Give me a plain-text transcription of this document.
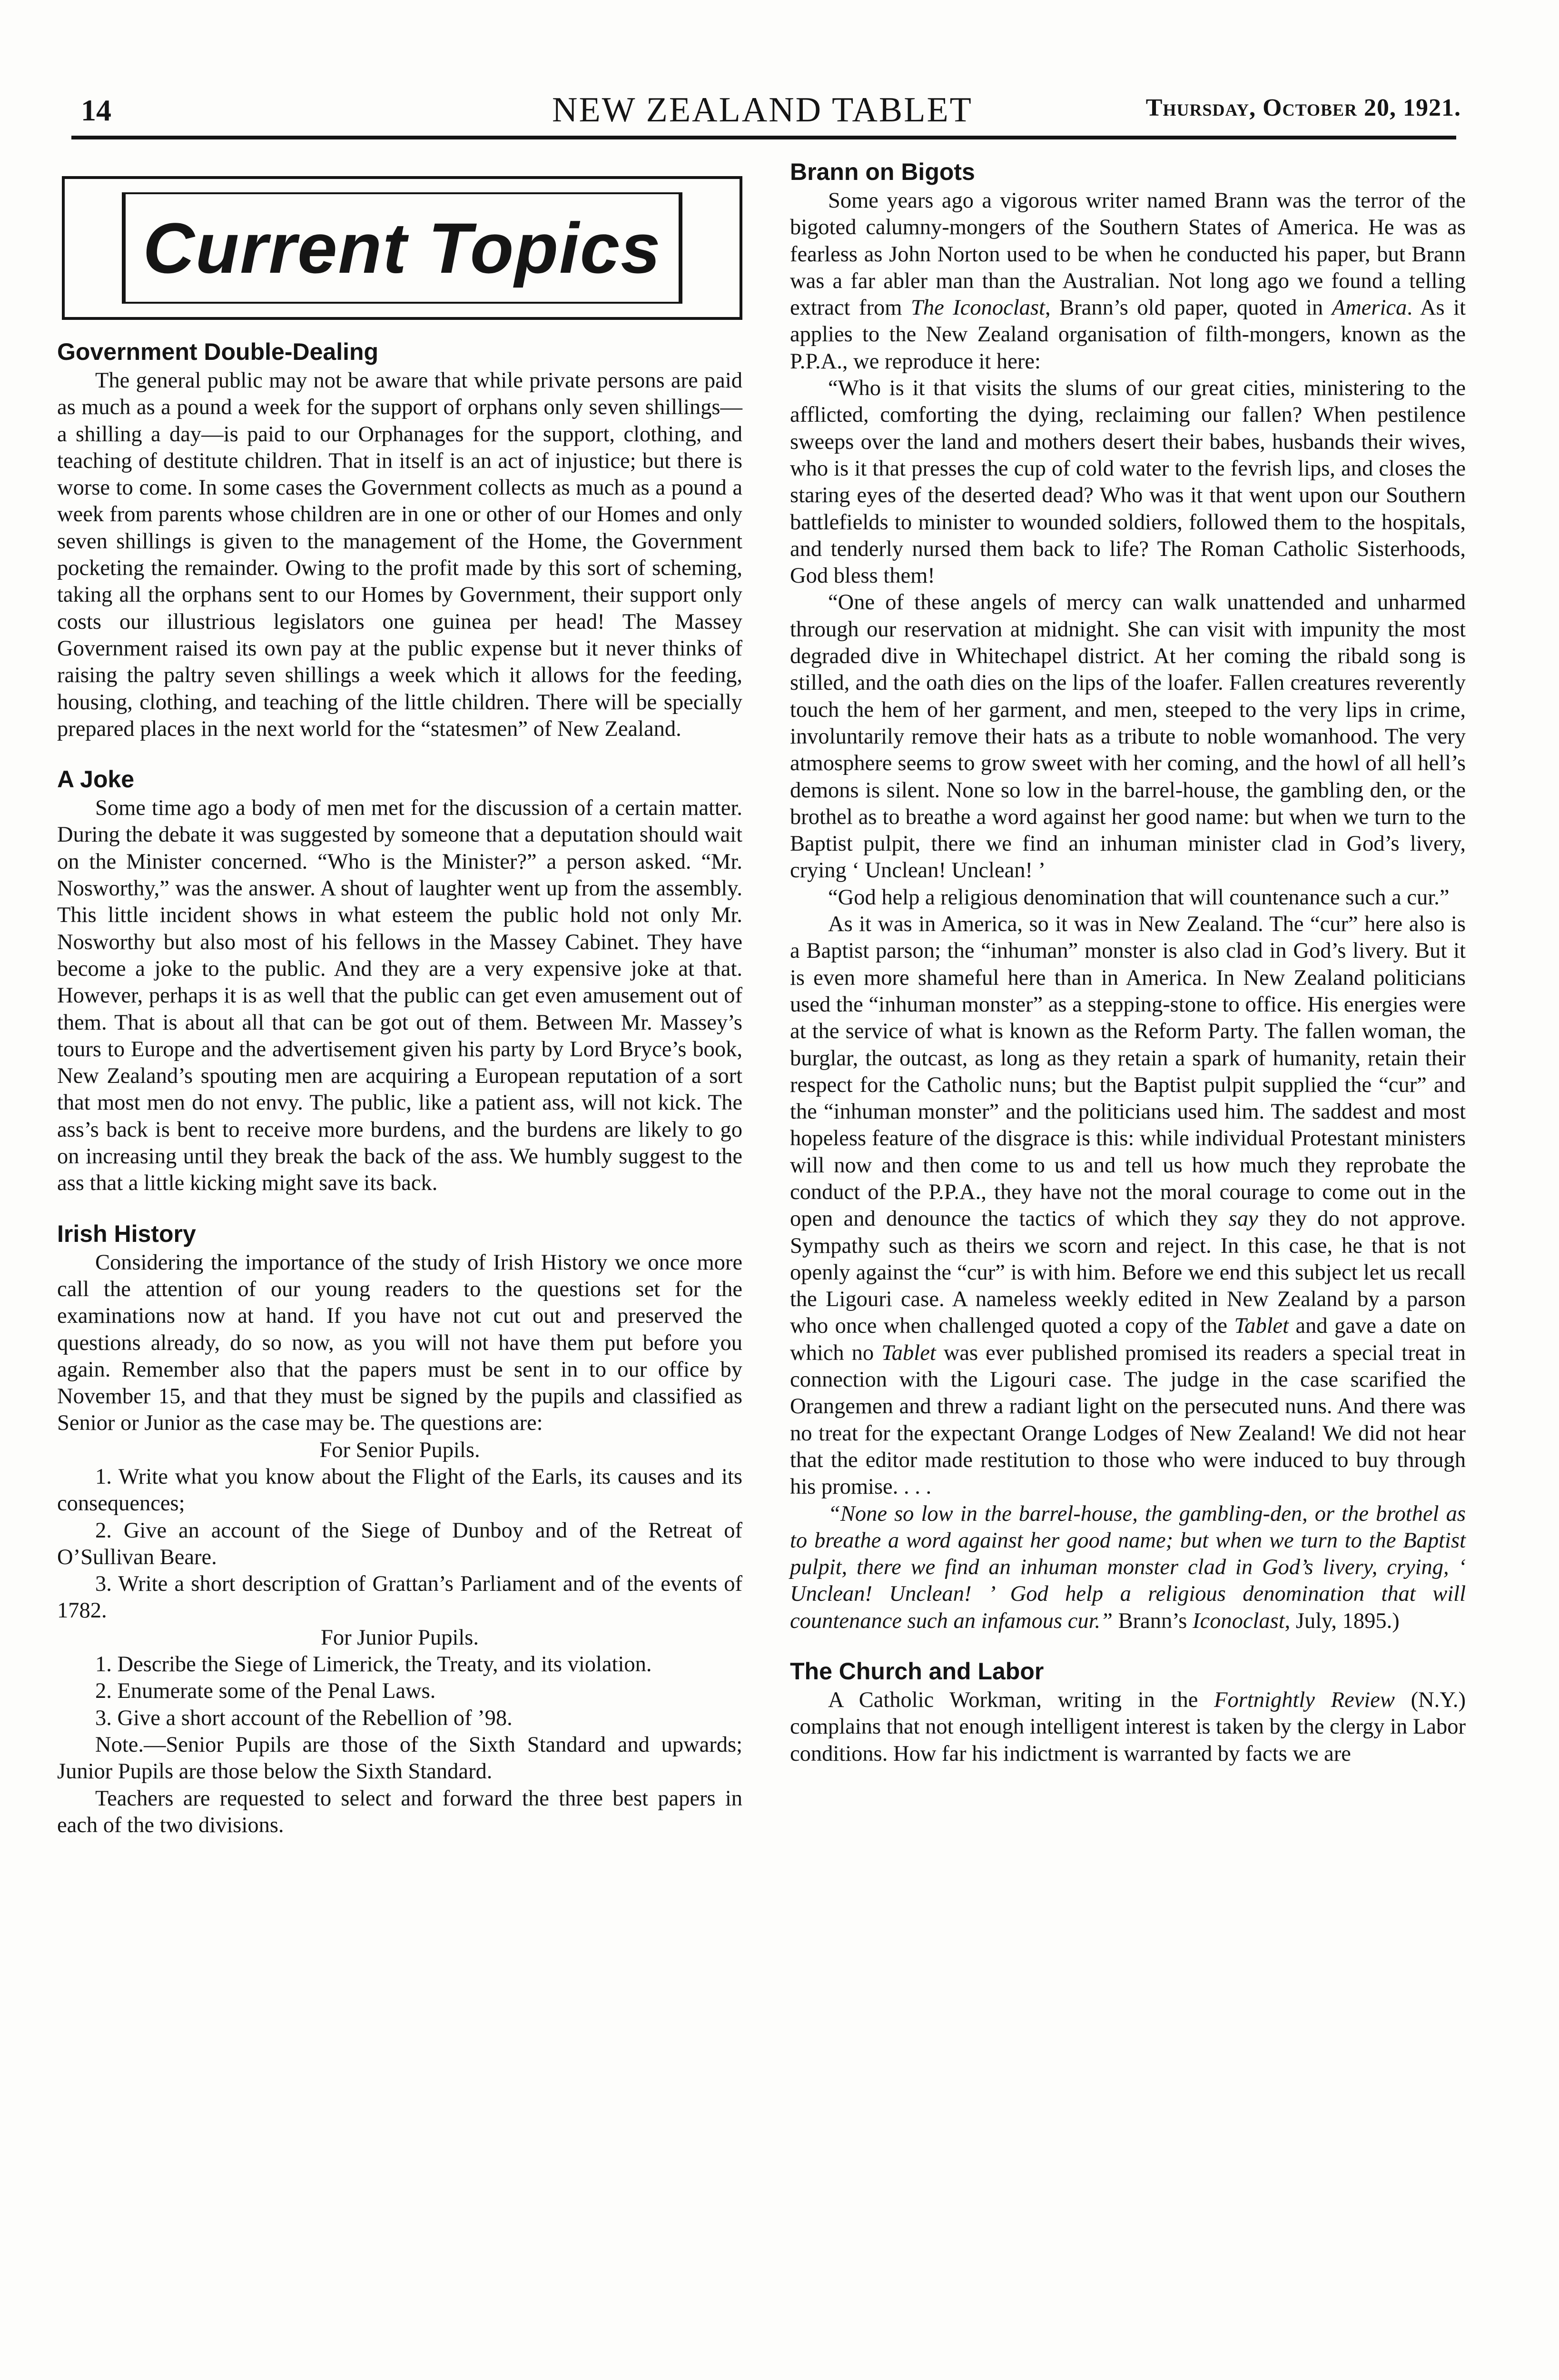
14	NEW ZEALAND TABLET	Thursday, October 20, 1921.
Current Topics
Government Double-Dealing

The general public may not be aware that while private persons are paid as much as a pound a week for the support of orphans only seven shillings—a shilling a day—is paid to our Orphanages for the support, clothing, and teaching of destitute children. That in itself is an act of injustice; but there is worse to come. In some cases the Government collects as much as a pound a week from parents whose children are in one or other of our Homes and only seven shillings is given to the management of the Home, the Government pocketing the remainder. Owing to the profit made by this sort of scheming, taking all the orphans sent to our Homes by Government, their support only costs our illustrious legislators one guinea per head! The Massey Government raised its own pay at the public expense but it never thinks of raising the paltry seven shillings a week which it allows for the feeding, housing, clothing, and teaching of the little children. There will be specially prepared places in the next world for the “statesmen” of New Zealand.

A Joke

Some time ago a body of men met for the discussion of a certain matter. During the debate it was suggested by someone that a deputation should wait on the Minister concerned. “Who is the Minister?” a person asked. “Mr. Nosworthy,” was the answer. A shout of laughter went up from the assembly. This little incident shows in what esteem the public hold not only Mr. Nosworthy but also most of his fellows in the Massey Cabinet. They have become a joke to the public. And they are a very expensive joke at that. However, perhaps it is as well that the public can get even amusement out of them. That is about all that can be got out of them. Between Mr. Massey’s tours to Europe and the advertisement given his party by Lord Bryce’s book, New Zealand’s spouting men are acquiring a European reputation of a sort that most men do not envy. The public, like a patient ass, will not kick. The ass’s back is bent to receive more burdens, and the burdens are likely to go on increasing until they break the back of the ass. We humbly suggest to the ass that a little kicking might save its back.

Irish History

Considering the importance of the study of Irish History we once more call the attention of our young readers to the questions set for the examinations now at hand. If you have not cut out and preserved the questions already, do so now, as you will not have them put before you again. Remember also that the papers must be sent in to our office by November 15, and that they must be signed by the pupils and classified as Senior or Junior as the case may be. The questions are:

For Senior Pupils.

1. Write what you know about the Flight of the Earls, its causes and its consequences;

2. Give an account of the Siege of Dunboy and of the Retreat of O’Sullivan Beare.

3. Write a short description of Grattan’s Parliament and of the events of 1782.

For Junior Pupils.

1. Describe the Siege of Limerick, the Treaty, and its violation.

2. Enumerate some of the Penal Laws.

3. Give a short account of the Rebellion of ’98.

Note.—Senior Pupils are those of the Sixth Standard and upwards; Junior Pupils are those below the Sixth Standard.

Teachers are requested to select and forward the three best papers in each of the two divisions.

Brann on Bigots

Some years ago a vigorous writer named Brann was the terror of the bigoted calumny-mongers of the Southern States of America. He was as fearless as John Norton used to be when he conducted his paper, but Brann was a far abler man than the Australian. Not long ago we found a telling extract from The Iconoclast, Brann’s old paper, quoted in America. As it applies to the New Zealand organisation of filth-mongers, known as the P.P.A., we reproduce it here:

“Who is it that visits the slums of our great cities, ministering to the afflicted, comforting the dying, reclaiming our fallen? When pestilence sweeps over the land and mothers desert their babes, husbands their wives, who is it that presses the cup of cold water to the fevrish lips, and closes the staring eyes of the deserted dead? Who was it that went upon our Southern battlefields to minister to wounded soldiers, followed them to the hospitals, and tenderly nursed them back to life? The Roman Catholic Sisterhoods, God bless them!

“One of these angels of mercy can walk unattended and unharmed through our reservation at midnight. She can visit with impunity the most degraded dive in Whitechapel district. At her coming the ribald song is stilled, and the oath dies on the lips of the loafer. Fallen creatures reverently touch the hem of her garment, and men, steeped to the very lips in crime, involuntarily remove their hats as a tribute to noble womanhood. The very atmosphere seems to grow sweet with her coming, and the howl of all hell’s demons is silent. None so low in the barrel-house, the gambling den, or the brothel as to breathe a word against her good name: but when we turn to the Baptist pulpit, there we find an inhuman minister clad in God’s livery, crying ‘ Unclean! Unclean! ’

“God help a religious denomination that will countenance such a cur.”

As it was in America, so it was in New Zealand. The “cur” here also is a Baptist parson; the “inhuman” monster is also clad in God’s livery. But it is even more shameful here than in America. In New Zealand politicians used the “inhuman monster” as a stepping-stone to office. His energies were at the service of what is known as the Reform Party. The fallen woman, the burglar, the outcast, as long as they retain a spark of humanity, retain their respect for the Catholic nuns; but the Baptist pulpit supplied the “cur” and the “inhuman monster” and the politicians used him. The saddest and most hopeless feature of the disgrace is this: while individual Protestant ministers will now and then come to us and tell us how much they reprobate the conduct of the P.P.A., they have not the moral courage to come out in the open and denounce the tactics of which they say they do not approve. Sympathy such as theirs we scorn and reject. In this case, he that is not openly against the “cur” is with him. Before we end this subject let us recall the Ligouri case. A nameless weekly edited in New Zealand by a parson who once when challenged quoted a copy of the Tablet and gave a date on which no Tablet was ever published promised its readers a special treat in connection with the Ligouri case. The judge in the case scarified the Orangemen and threw a radiant light on the persecuted nuns. And there was no treat for the expectant Orange Lodges of New Zealand! We did not hear that the editor made restitution to those who were induced to buy through his promise. . . .

“None so low in the barrel-house, the gambling-den, or the brothel as to breathe a word against her good name; but when we turn to the Baptist pulpit, there we find an inhuman monster clad in God’s livery, crying, ‘ Unclean! Unclean! ’ God help a religious denomination that will countenance such an infamous cur.” Brann’s Iconoclast, July, 1895.)

The Church and Labor

A Catholic Workman, writing in the Fortnightly Review (N.Y.) complains that not enough intelligent interest is taken by the clergy in Labor conditions. How far his indictment is warranted by facts we are
